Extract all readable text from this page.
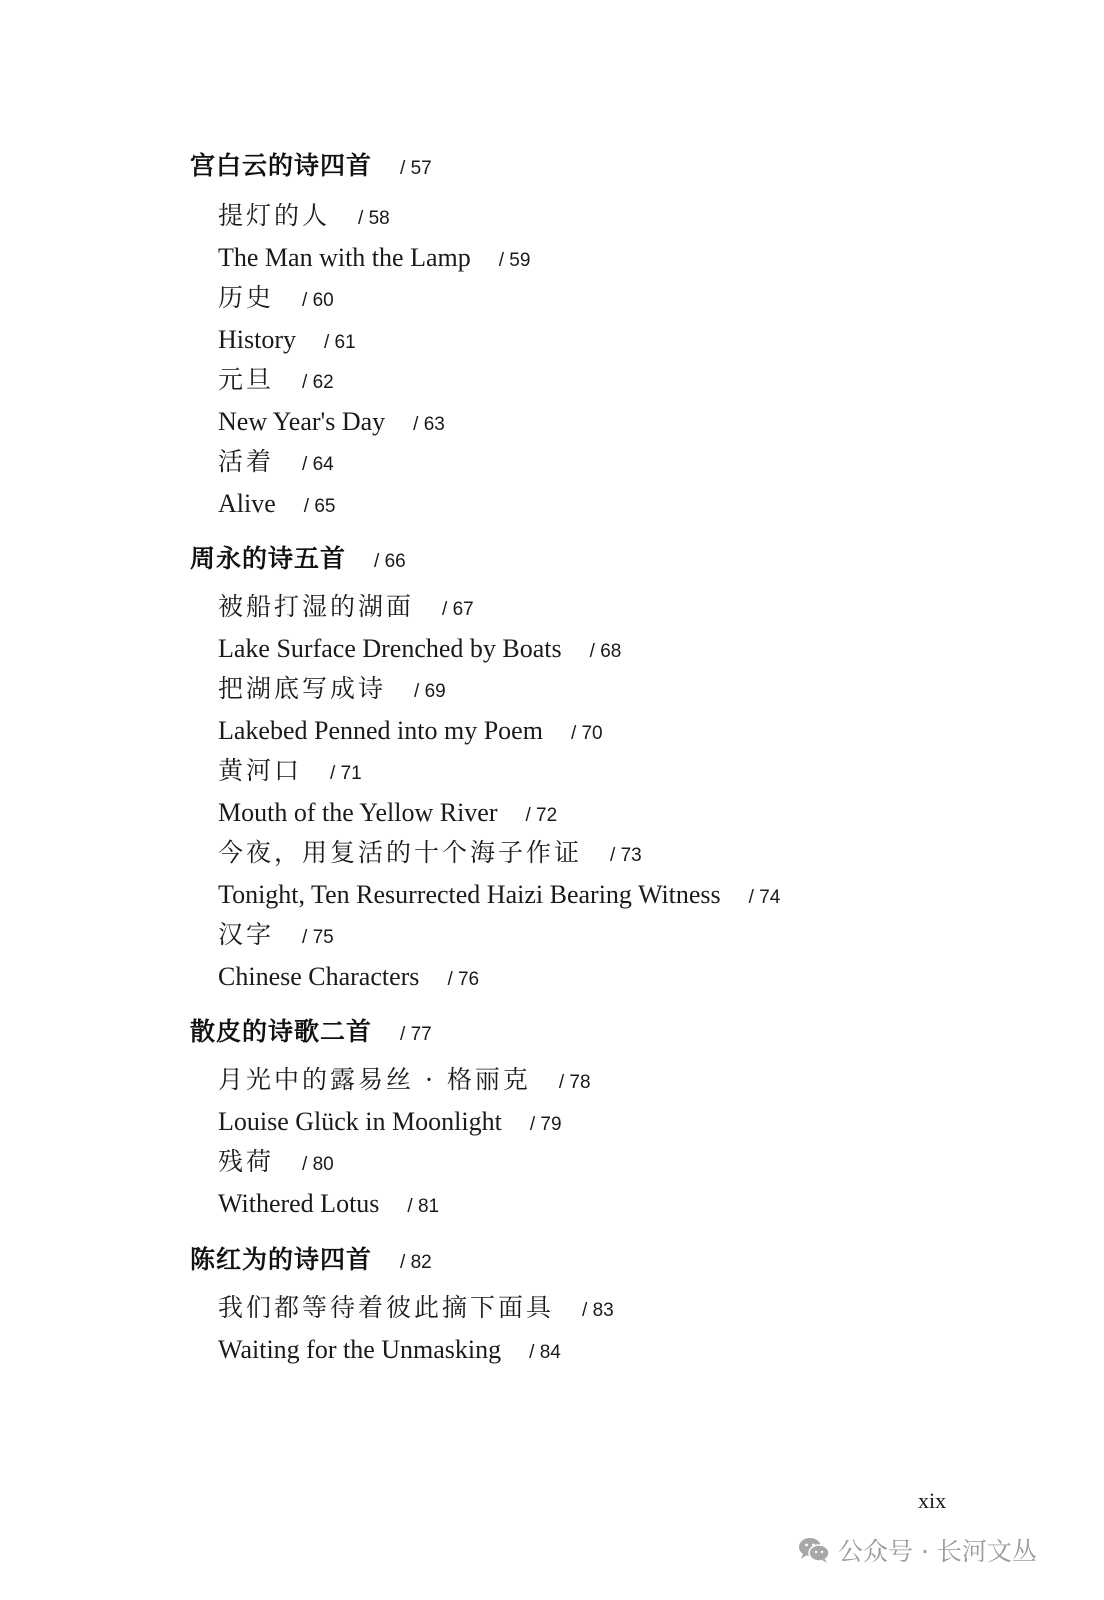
宫白云的诗四首 / 57
提灯的人 / 58
The Man with the Lamp / 59
历史 / 60
History / 61
元旦 / 62
New Year's Day / 63
活着 / 64
Alive / 65
周永的诗五首 / 66
被船打湿的湖面 / 67
Lake Surface Drenched by Boats / 68
把湖底写成诗 / 69
Lakebed Penned into my Poem / 70
黄河口 / 71
Mouth of the Yellow River / 72
今夜，用复活的十个海子作证 / 73
Tonight, Ten Resurrected Haizi Bearing Witness / 74
汉字 / 75
Chinese Characters / 76
散皮的诗歌二首 / 77
月光中的露易丝 · 格丽克 / 78
Louise Glück in Moonlight / 79
残荷 / 80
Withered Lotus / 81
陈红为的诗四首 / 82
我们都等待着彼此摘下面具 / 83
Waiting for the Unmasking / 84
xix
公众号 · 长河文丛
